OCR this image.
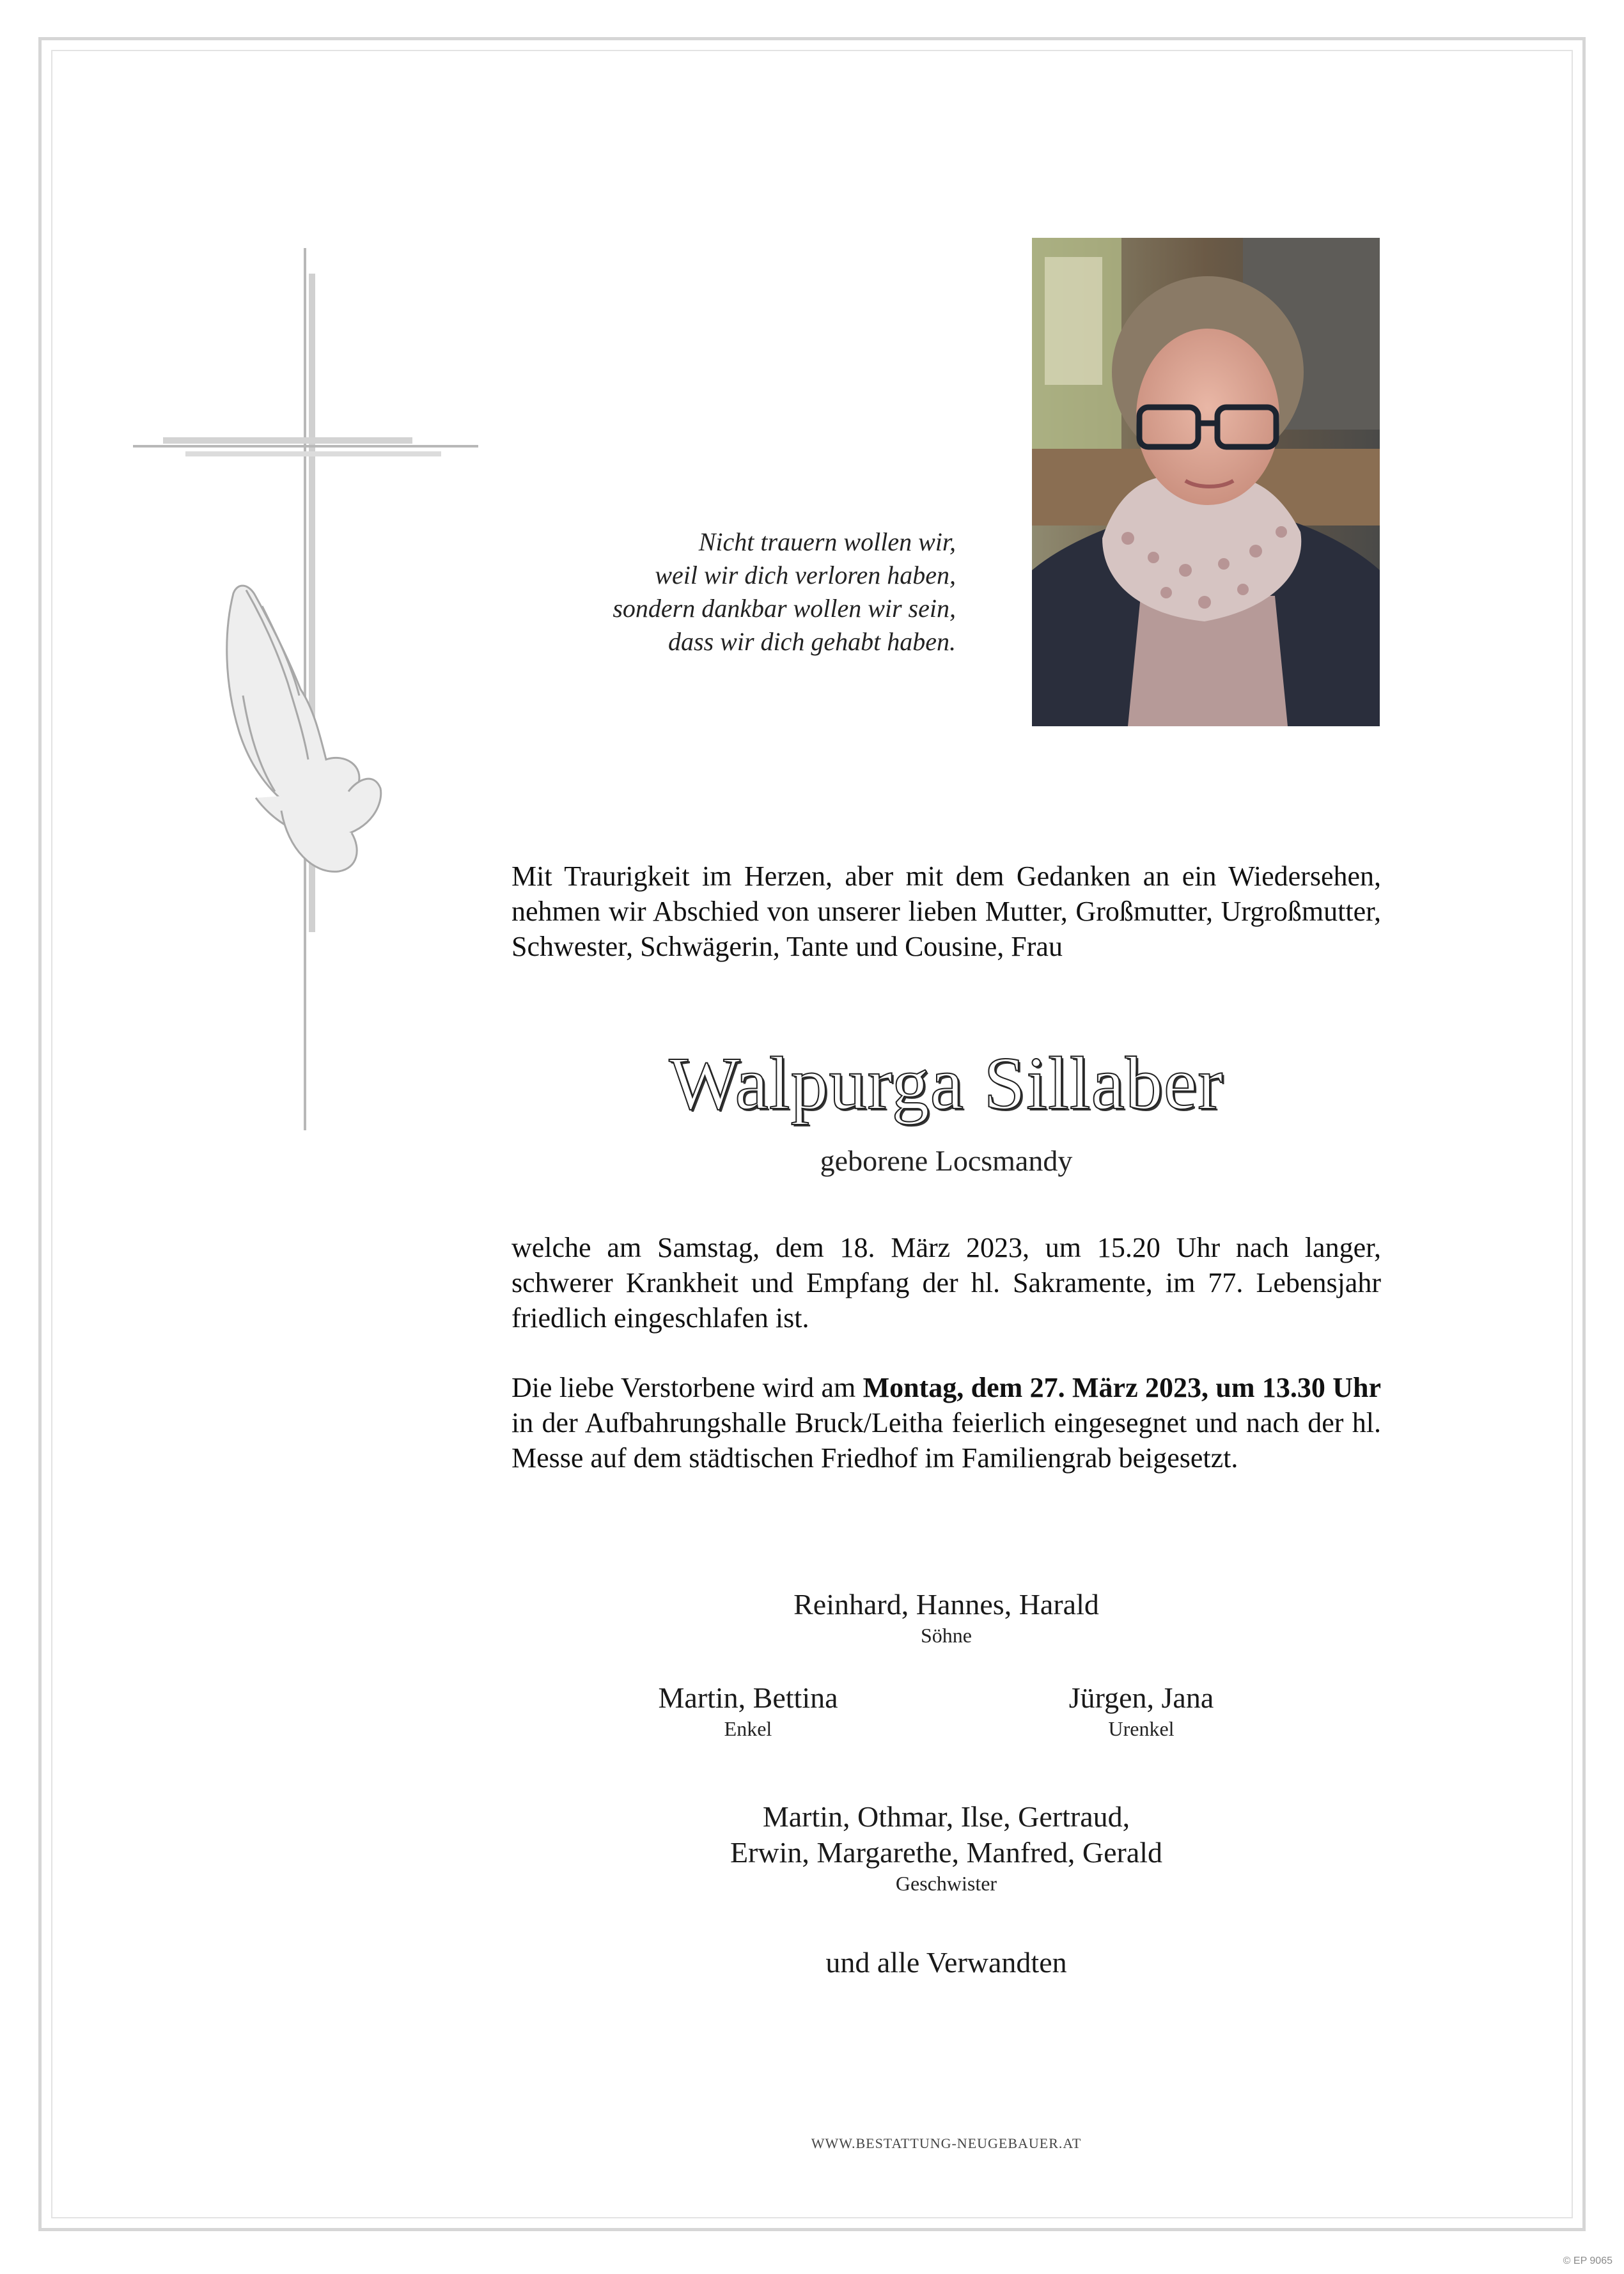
Nicht trauern wollen wir,
weil wir dich verloren haben,
sondern dankbar wollen wir sein,
dass wir dich gehabt haben.
Mit Traurigkeit im Herzen, aber mit dem Gedanken an ein Wiedersehen, nehmen wir Abschied von unserer lieben Mutter, Großmutter, Urgroßmutter, Schwester, Schwägerin, Tante und Cousine, Frau
Walpurga Sillaber
geborene Locsmandy
welche am Samstag, dem 18. März 2023, um 15.20 Uhr nach langer, schwerer Krankheit und Empfang der hl. Sakramente, im 77. Lebensjahr friedlich eingeschlafen ist.
Die liebe Verstorbene wird am Montag, dem 27. März 2023, um 13.30 Uhr in der Aufbahrungshalle Bruck/Leitha feierlich eingesegnet und nach der hl. Messe auf dem städtischen Friedhof im Familiengrab beigesetzt.
Reinhard, Hannes, Harald
Söhne
Martin, Bettina
Enkel
Jürgen, Jana
Urenkel
Martin, Othmar, Ilse, Gertraud,
Erwin, Margarethe, Manfred, Gerald
Geschwister
und alle Verwandten
WWW.BESTATTUNG-NEUGEBAUER.AT
© EP 9065
